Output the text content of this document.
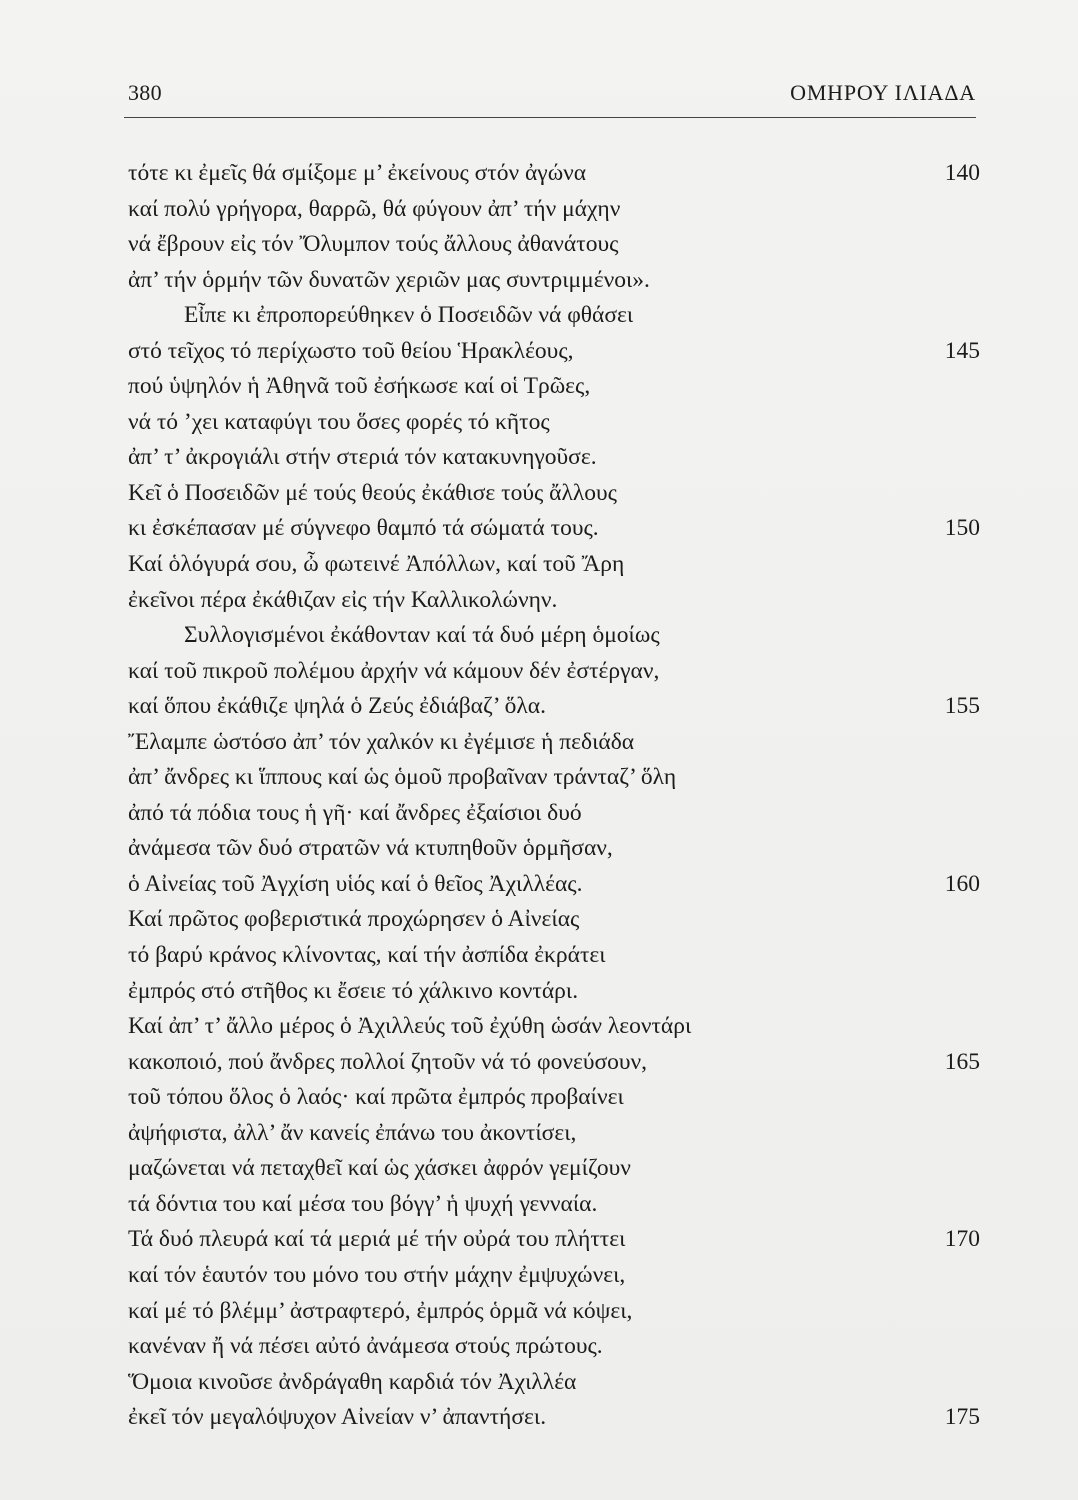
380	ΟΜΗΡΟΥ ΙΛΙΑΔΑ
τότε κι ἐμεῖς θά σμίξομε μ’ ἐκείνους στόν ἀγώνα	140
καί πολύ γρήγορα, θαρρῶ, θά φύγουν ἀπ’ τήν μάχην
νά ἔβρουν εἰς τόν Ὄλυμπον τούς ἄλλους ἀθανάτους
ἀπ’ τήν ὁρμήν τῶν δυνατῶν χεριῶν μας συντριμμένοι».
Εἶπε κι ἐπροπορεύθηκεν ὁ Ποσειδῶν νά φθάσει
στό τεῖχος τό περίχωστο τοῦ θείου Ἡρακλέους,	145
πού ὑψηλόν ἡ Ἀθηνᾶ τοῦ ἐσήκωσε καί οἱ Τρῶες,
νά τό ’χει καταφύγι του ὅσες φορές τό κῆτος
ἀπ’ τ’ ἀκρογιάλι στήν στεριά τόν κατακυνηγοῦσε.
Κεῖ ὁ Ποσειδῶν μέ τούς θεούς ἐκάθισε τούς ἄλλους
κι ἐσκέπασαν μέ σύγνεφο θαμπό τά σώματά τους.	150
Καί ὁλόγυρά σου, ὦ φωτεινέ Ἀπόλλων, καί τοῦ Ἄρη
ἐκεῖνοι πέρα ἐκάθιζαν εἰς τήν Καλλικολώνην.
Συλλογισμένοι ἐκάθονταν καί τά δυό μέρη ὁμοίως
καί τοῦ πικροῦ πολέμου ἀρχήν νά κάμουν δέν ἐστέργαν,
καί ὅπου ἐκάθιζε ψηλά ὁ Ζεύς ἐδιάβαζ’ ὅλα.	155
Ἔλαμπε ὡστόσο ἀπ’ τόν χαλκόν κι ἐγέμισε ἡ πεδιάδα
ἀπ’ ἄνδρες κι ἵππους καί ὡς ὁμοῦ προβαῖναν τράνταζ’ ὅλη
ἀπό τά πόδια τους ἡ γῆ· καί ἄνδρες ἐξαίσιοι δυό
ἀνάμεσα τῶν δυό στρατῶν νά κτυπηθοῦν ὁρμῆσαν,
ὁ Αἰνείας τοῦ Ἀγχίση υἱός καί ὁ θεῖος Ἀχιλλέας.	160
Καί πρῶτος φοβεριστικά προχώρησεν ὁ Αἰνείας
τό βαρύ κράνος κλίνοντας, καί τήν ἀσπίδα ἐκράτει
ἐμπρός στό στῆθος κι ἔσειε τό χάλκινο κοντάρι.
Καί ἀπ’ τ’ ἄλλο μέρος ὁ Ἀχιλλεύς τοῦ ἐχύθη ὡσάν λεοντάρι
κακοποιό, πού ἄνδρες πολλοί ζητοῦν νά τό φονεύσουν,	165
τοῦ τόπου ὅλος ὁ λαός· καί πρῶτα ἐμπρός προβαίνει
ἀψήφιστα, ἀλλ’ ἄν κανείς ἐπάνω του ἀκοντίσει,
μαζώνεται νά πεταχθεῖ καί ὡς χάσκει ἀφρόν γεμίζουν
τά δόντια του καί μέσα του βόγγ’ ἡ ψυχή γενναία.
Τά δυό πλευρά καί τά μεριά μέ τήν οὐρά του πλήττει	170
καί τόν ἑαυτόν του μόνο του στήν μάχην ἐμψυχώνει,
καί μέ τό βλέμμ’ ἀστραφτερό, ἐμπρός ὁρμᾶ νά κόψει,
κανέναν ἤ νά πέσει αὐτό ἀνάμεσα στούς πρώτους.
Ὅμοια κινοῦσε ἀνδράγαθη καρδιά τόν Ἀχιλλέα
ἐκεῖ τόν μεγαλόψυχον Αἰνείαν ν’ ἀπαντήσει.	175
